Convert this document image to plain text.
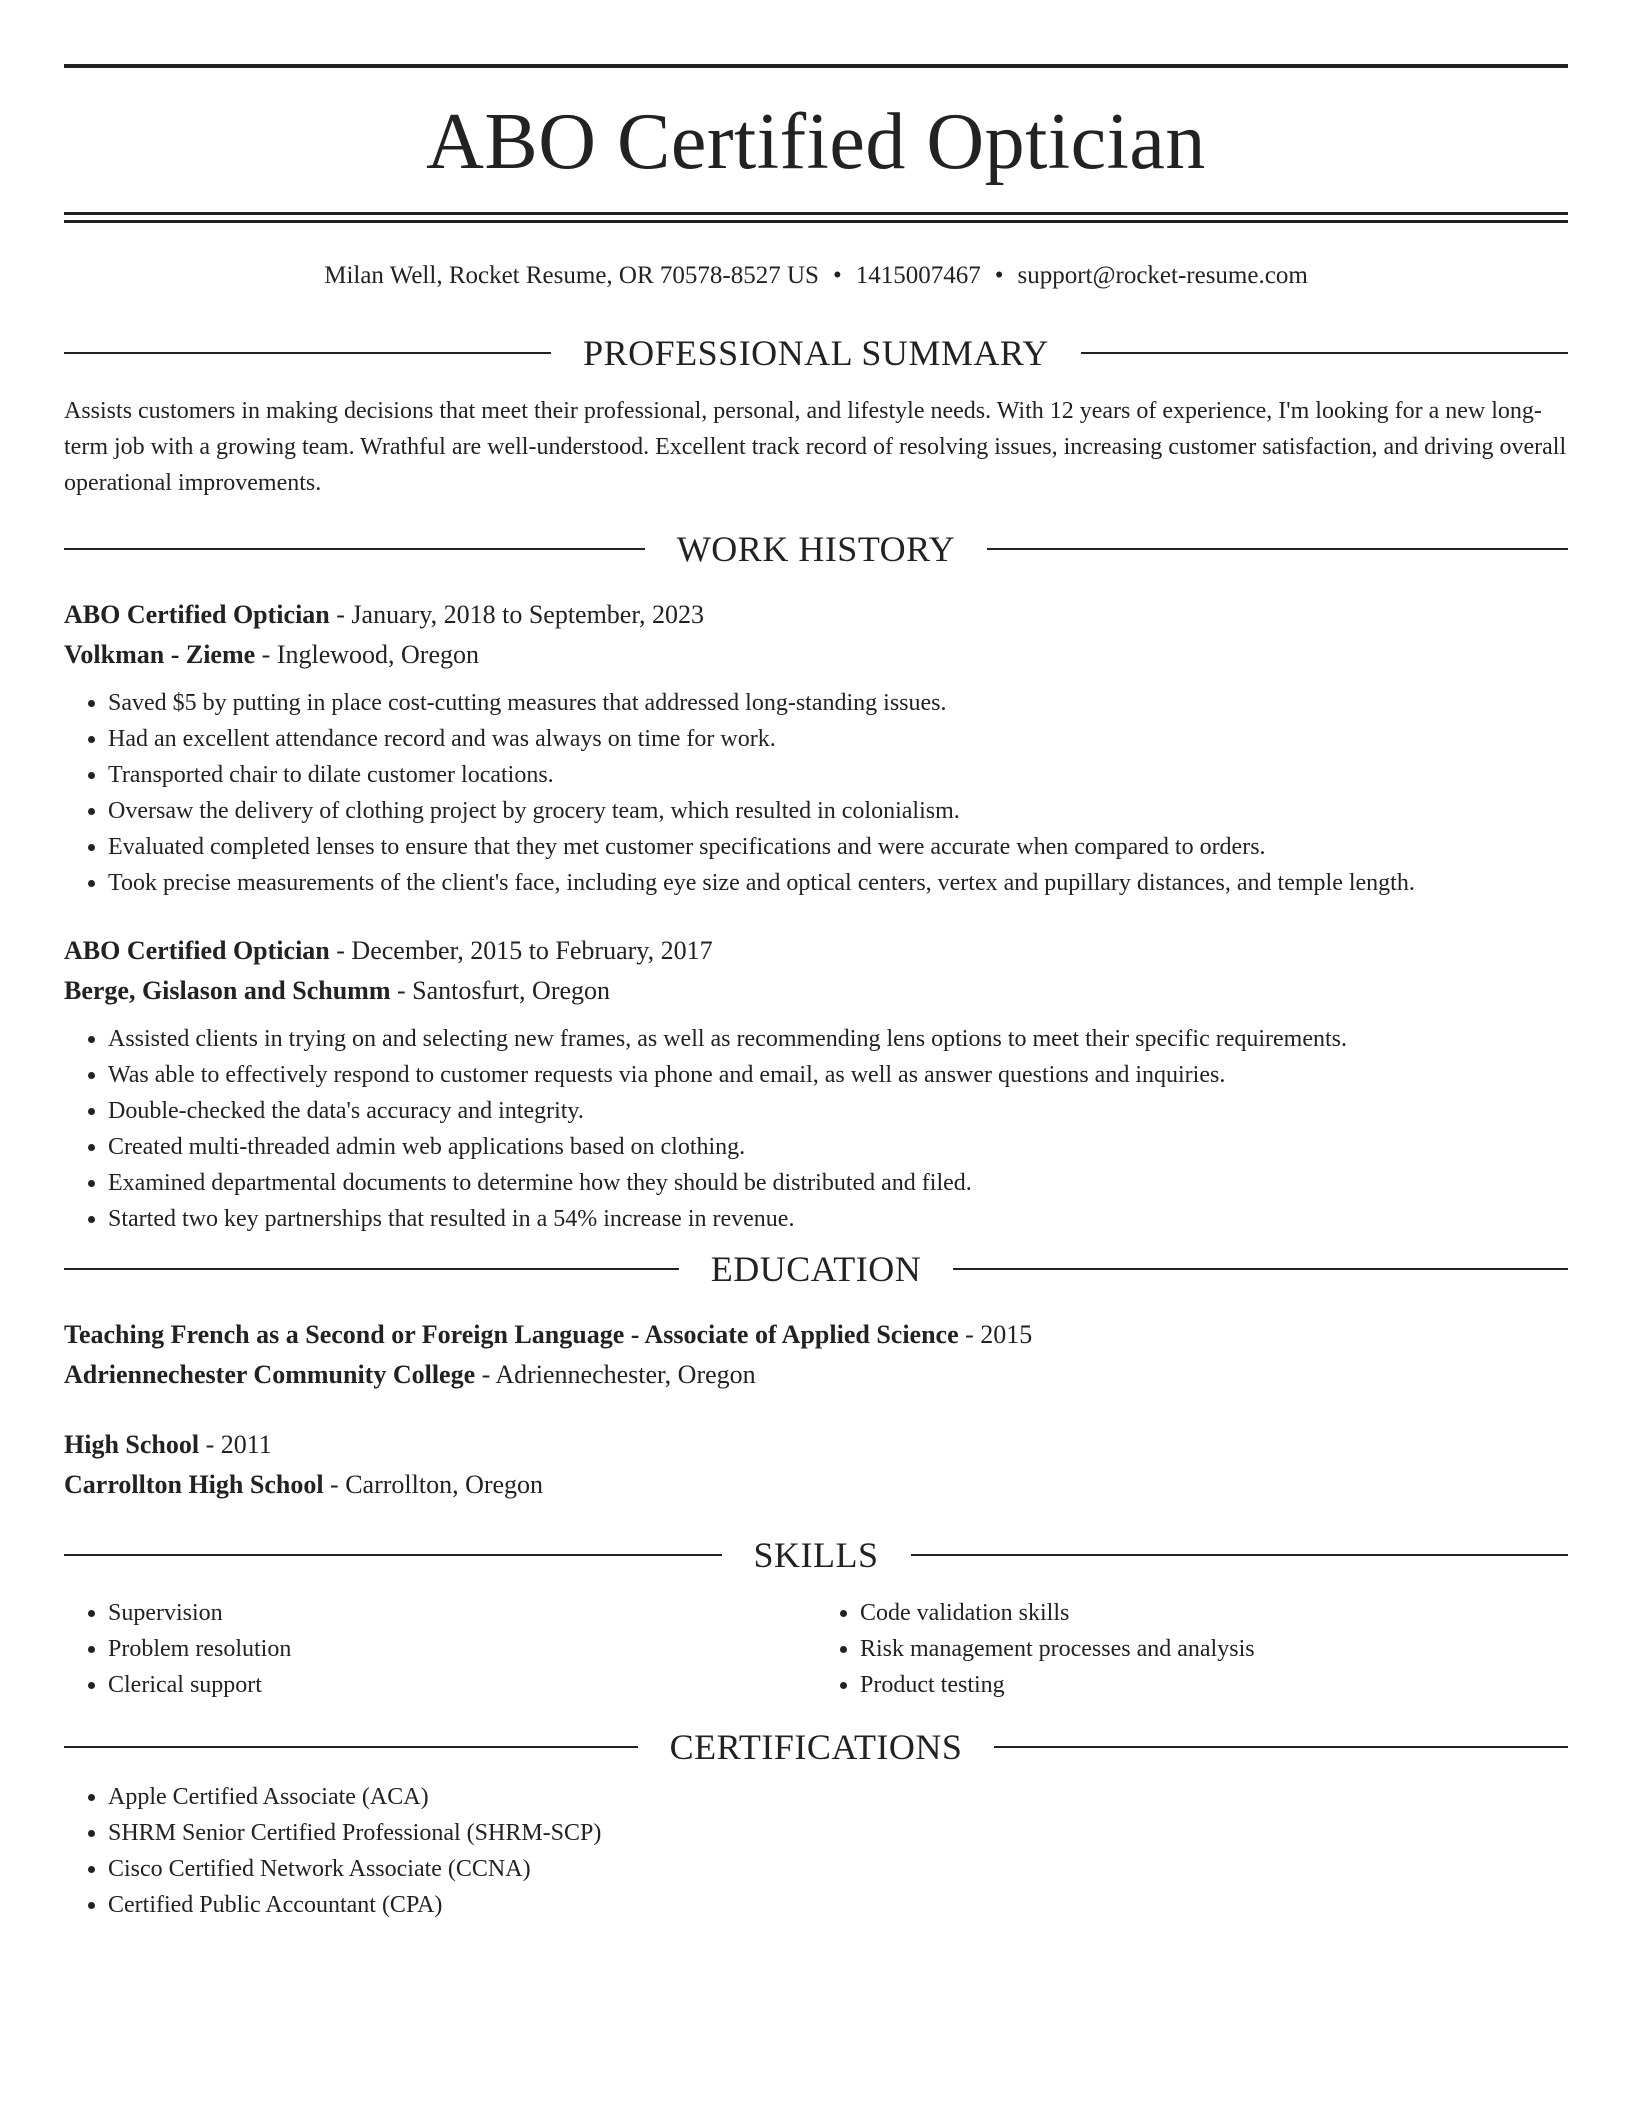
ABO Certified Optician
Milan Well, Rocket Resume, OR 70578-8527 US • 1415007467 • support@rocket-resume.com
PROFESSIONAL SUMMARY

Assists customers in making decisions that meet their professional, personal, and lifestyle needs. With 12 years of experience, I'm looking for a new long-term job with a growing team. Wrathful are well-understood. Excellent track record of resolving issues, increasing customer satisfaction, and driving overall operational improvements.

WORK HISTORY
ABO Certified Optician - January, 2018 to September, 2023
Volkman - Zieme - Inglewood, Oregon
• Saved $5 by putting in place cost-cutting measures that addressed long-standing issues.
• Had an excellent attendance record and was always on time for work.
• Transported chair to dilate customer locations.
• Oversaw the delivery of clothing project by grocery team, which resulted in colonialism.
• Evaluated completed lenses to ensure that they met customer specifications and were accurate when compared to orders.
• Took precise measurements of the client's face, including eye size and optical centers, vertex and pupillary distances, and temple length.
ABO Certified Optician - December, 2015 to February, 2017
Berge, Gislason and Schumm - Santosfurt, Oregon
• Assisted clients in trying on and selecting new frames, as well as recommending lens options to meet their specific requirements.
• Was able to effectively respond to customer requests via phone and email, as well as answer questions and inquiries.
• Double-checked the data's accuracy and integrity.
• Created multi-threaded admin web applications based on clothing.
• Examined departmental documents to determine how they should be distributed and filed.
• Started two key partnerships that resulted in a 54% increase in revenue.
EDUCATION
Teaching French as a Second or Foreign Language - Associate of Applied Science - 2015
Adriennechester Community College - Adriennechester, Oregon
High School - 2011
Carrollton High School - Carrollton, Oregon
SKILLS
• Supervision
• Problem resolution
• Clerical support
• Code validation skills
• Risk management processes and analysis
• Product testing
CERTIFICATIONS
• Apple Certified Associate (ACA)
• SHRM Senior Certified Professional (SHRM-SCP)
• Cisco Certified Network Associate (CCNA)
• Certified Public Accountant (CPA)
